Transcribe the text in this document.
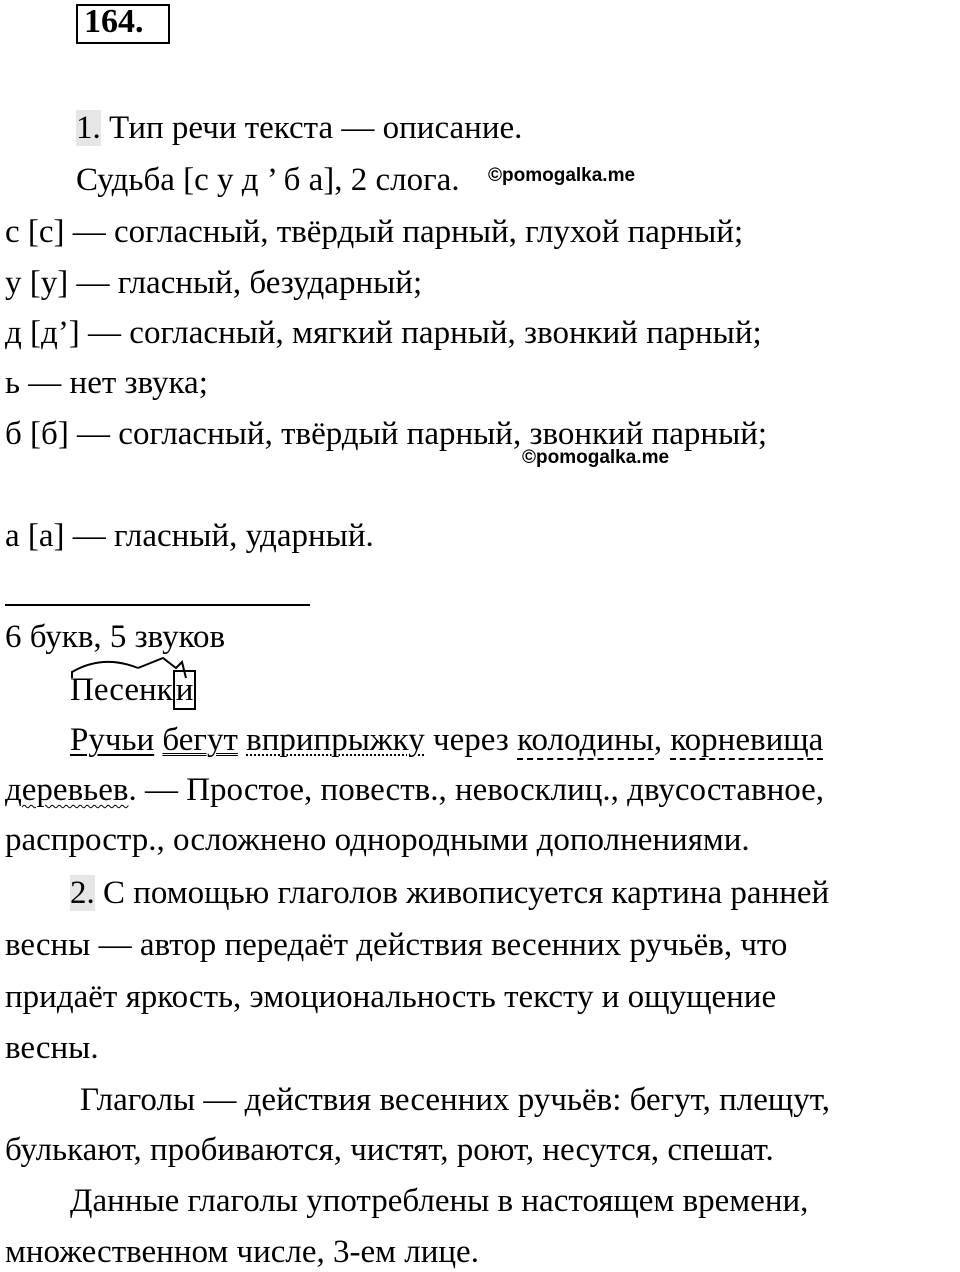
164.
1. Тип речи текста — описание.
Судьба [с у д ’ б а], 2 слога. ©pomogalka.me
с [с] — согласный, твёрдый парный, глухой парный;
у [у] — гласный, безударный;
д [д’] — согласный, мягкий парный, звонкий парный;
ь — нет звука;
б [б] — согласный, твёрдый парный, звонкий парный;
©pomogalka.me
а [а] — гласный, ударный.
6 букв, 5 звуков
Песенки
Ручьи бегут вприпрыжку через колодины, корневища
деревьев. — Простое, повеств., невосклиц., двусоставное,
распростр., осложнено однородными дополнениями.
2. С помощью глаголов живописуется картина ранней
весны — автор передаёт действия весенних ручьёв, что
придаёт яркость, эмоциональность тексту и ощущение
весны.
Глаголы — действия весенних ручьёв: бегут, плещут,
булькают, пробиваются, чистят, роют, несутся, спешат.
Данные глаголы употреблены в настоящем времени,
множественном числе, 3-ем лице.
